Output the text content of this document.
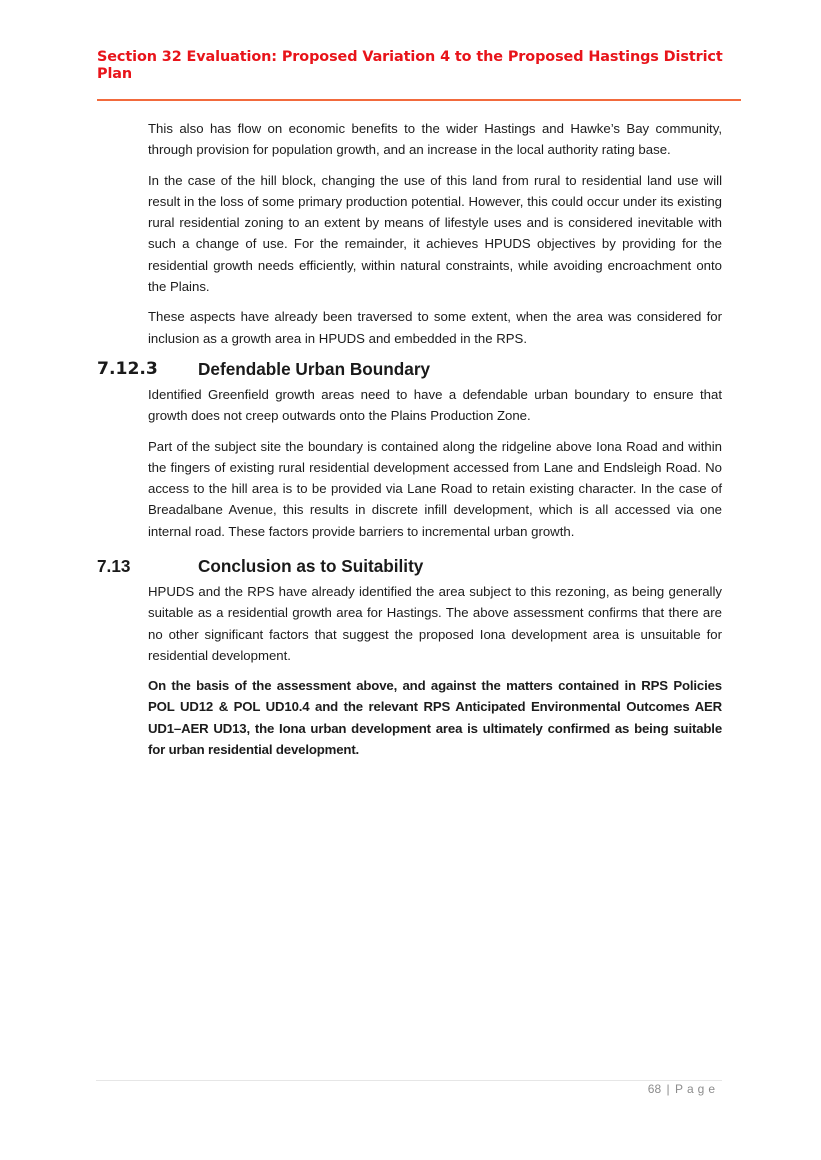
Section 32 Evaluation: Proposed Variation 4 to the Proposed Hastings District Plan

This also has flow on economic benefits to the wider Hastings and Hawke’s Bay community, through provision for population growth, and an increase in the local authority rating base.

In the case of the hill block, changing the use of this land from rural to residential land use will result in the loss of some primary production potential. However, this could occur under its existing rural residential zoning to an extent by means of lifestyle uses and is considered inevitable with such a change of use. For the remainder, it achieves HPUDS objectives by providing for the residential growth needs efficiently, within natural constraints, while avoiding encroachment onto the Plains.

These aspects have already been traversed to some extent, when the area was considered for inclusion as a growth area in HPUDS and embedded in the RPS.

7.12.3	Defendable Urban Boundary

Identified Greenfield growth areas need to have a defendable urban boundary to ensure that growth does not creep outwards onto the Plains Production Zone.

Part of the subject site the boundary is contained along the ridgeline above Iona Road and within the fingers of existing rural residential development accessed from Lane and Endsleigh Road. No access to the hill area is to be provided via Lane Road to retain existing character. In the case of Breadalbane Avenue, this results in discrete infill development, which is all accessed via one internal road. These factors provide barriers to incremental urban growth.

7.13	Conclusion as to Suitability

HPUDS and the RPS have already identified the area subject to this rezoning, as being generally suitable as a residential growth area for Hastings. The above assessment confirms that there are no other significant factors that suggest the proposed Iona development area is unsuitable for residential development.

On the basis of the assessment above, and against the matters contained in RPS Policies POL UD12 & POL UD10.4 and the relevant RPS Anticipated Environmental Outcomes AER UD1–AER UD13, the Iona urban development area is ultimately confirmed as being suitable for urban residential development.

68 | Page
